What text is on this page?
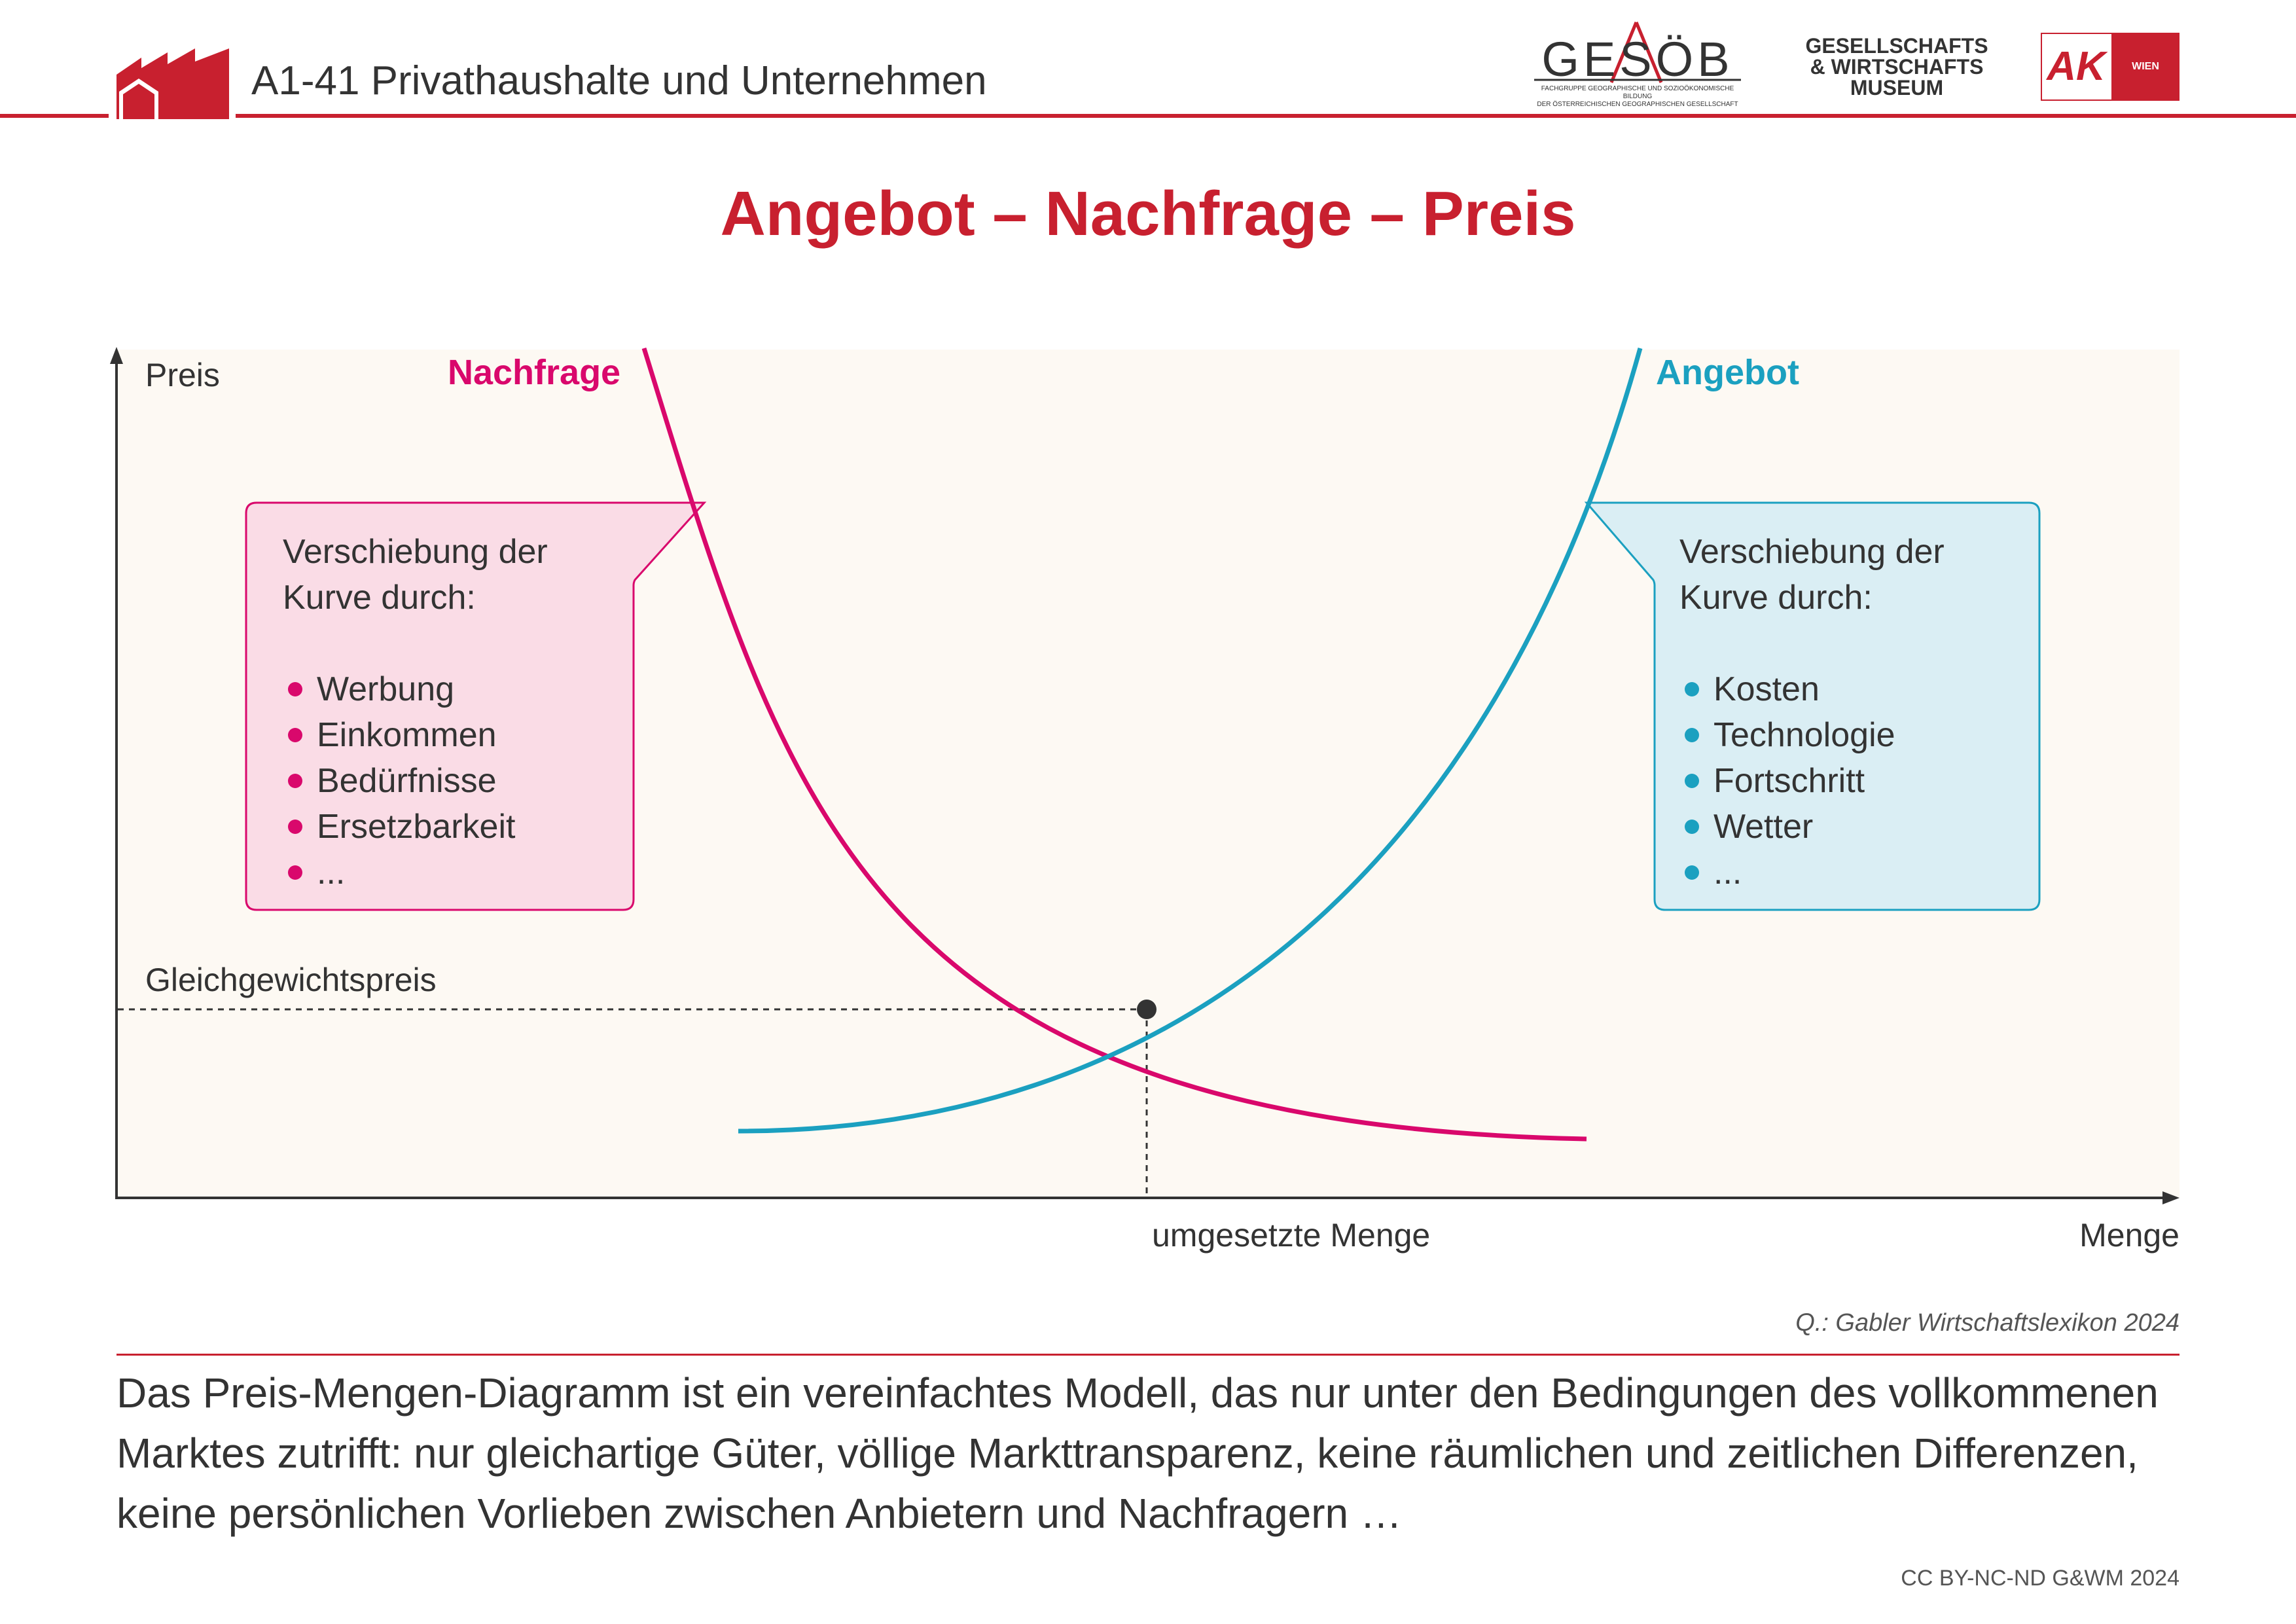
A1-41 Privathaushalte und Unternehmen	GESÖB
FACHGRUPPE GEOGRAPHISCHE UND SOZIOÖKONOMISCHE BILDUNG
DER ÖSTERREICHISCHEN GEOGRAPHISCHEN GESELLSCHAFT
GESELLSCHAFTS
& WIRTSCHAFTS
MUSEUM	AK	WIEN
Angebot – Nachfrage – Preis
Preis	Nachfrage	Angebot
Gleichgewichtspreis
umgesetzte Menge	Menge
Verschiebung der
Kurve durch:
Werbung
Einkommen
Bedürfnisse
Ersetzbarkeit
...
Verschiebung der
Kurve durch:
Kosten
Technologie
Fortschritt
Wetter
...
Q.: Gabler Wirtschaftslexikon 2024
Das Preis-Mengen-Diagramm ist ein vereinfachtes Modell, das nur unter den Bedingungen des vollkommenen Marktes zutrifft: nur gleichartige Güter, völlige Markttransparenz, keine räumlichen und zeitlichen Differenzen, keine persönlichen Vorlieben zwischen Anbietern und Nachfragern …
CC BY-NC-ND G&WM 2024
